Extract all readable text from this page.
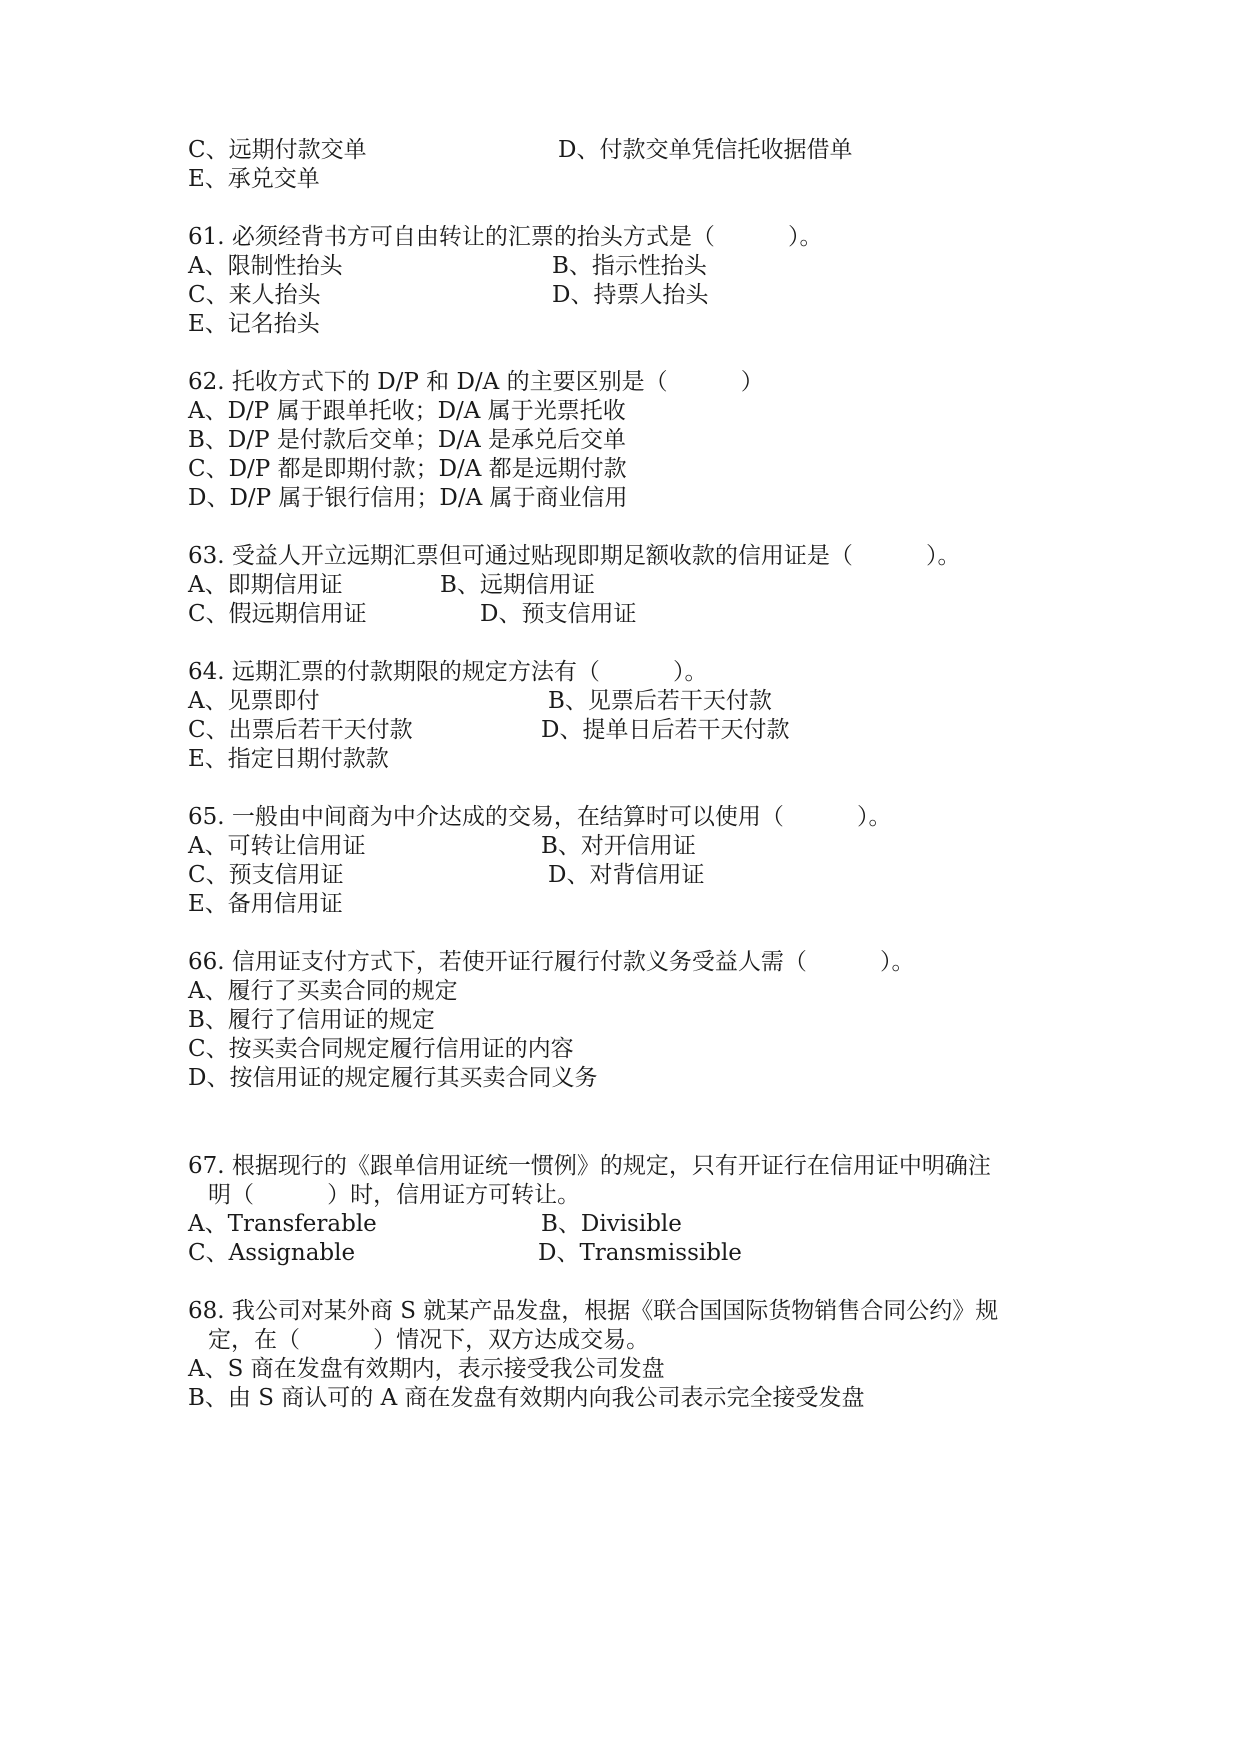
C、远期付款交单	D、付款交单凭信托收据借单
E、承兑交单
61. 必须经背书方可自由转让的汇票的抬头方式是（          ）。
A、限制性抬头	B、指示性抬头
C、来人抬头	D、持票人抬头
E、记名抬头
62. 托收方式下的 D/P 和 D/A 的主要区别是（          ）
A、D/P 属于跟单托收；D/A 属于光票托收
B、D/P 是付款后交单；D/A 是承兑后交单
C、D/P 都是即期付款；D/A 都是远期付款
D、D/P 属于银行信用；D/A 属于商业信用
63. 受益人开立远期汇票但可通过贴现即期足额收款的信用证是（          ）。
A、即期信用证	B、远期信用证
C、假远期信用证	D、预支信用证
64. 远期汇票的付款期限的规定方法有（          ）。
A、见票即付	B、见票后若干天付款
C、出票后若干天付款	D、提单日后若干天付款
E、指定日期付款款
65. 一般由中间商为中介达成的交易，在结算时可以使用（          ）。
A、可转让信用证	B、对开信用证
C、预支信用证	D、对背信用证
E、备用信用证
66. 信用证支付方式下，若使开证行履行付款义务受益人需（          ）。
A、履行了买卖合同的规定
B、履行了信用证的规定
C、按买卖合同规定履行信用证的内容
D、按信用证的规定履行其买卖合同义务
67. 根据现行的《跟单信用证统一惯例》的规定，只有开证行在信用证中明确注
明（          ）时，信用证方可转让。
A、Transferable	B、Divisible
C、Assignable	D、Transmissible
68. 我公司对某外商 S 就某产品发盘，根据《联合国国际货物销售合同公约》规
定，在（          ）情况下，双方达成交易。
A、S 商在发盘有效期内，表示接受我公司发盘
B、由 S 商认可的 A 商在发盘有效期内向我公司表示完全接受发盘
